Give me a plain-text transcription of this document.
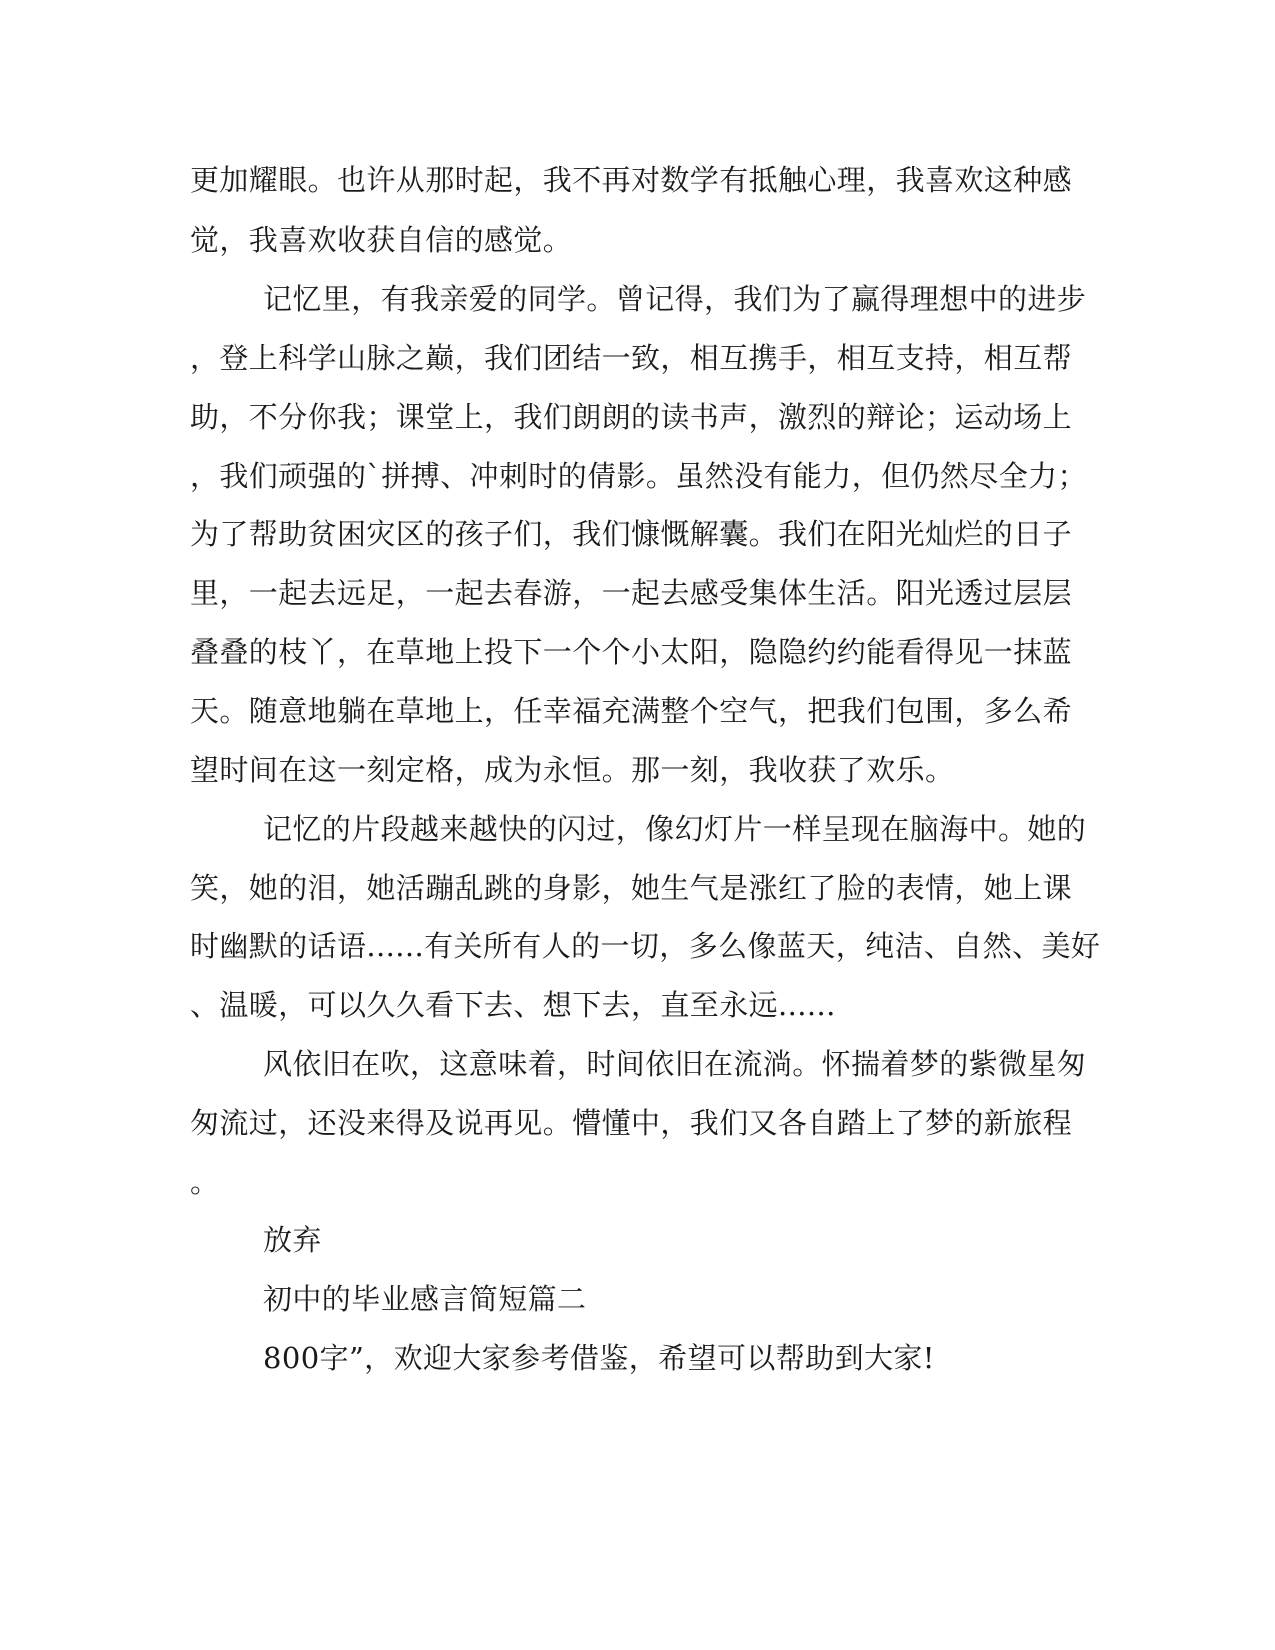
更加耀眼。也许从那时起，我不再对数学有抵触心理，我喜欢这种感
觉，我喜欢收获自信的感觉。
记忆里，有我亲爱的同学。曾记得，我们为了赢得理想中的进步
，登上科学山脉之巅，我们团结一致，相互携手，相互支持，相互帮
助，不分你我；课堂上，我们朗朗的读书声，激烈的辩论；运动场上
，我们顽强的`拼搏、冲刺时的倩影。虽然没有能力，但仍然尽全力；
为了帮助贫困灾区的孩子们，我们慷慨解囊。我们在阳光灿烂的日子
里，一起去远足，一起去春游，一起去感受集体生活。阳光透过层层
叠叠的枝丫，在草地上投下一个个小太阳，隐隐约约能看得见一抹蓝
天。随意地躺在草地上，任幸福充满整个空气，把我们包围，多么希
望时间在这一刻定格，成为永恒。那一刻，我收获了欢乐。
记忆的片段越来越快的闪过，像幻灯片一样呈现在脑海中。她的
笑，她的泪，她活蹦乱跳的身影，她生气是涨红了脸的表情，她上课
时幽默的话语......有关所有人的一切，多么像蓝天，纯洁、自然、美好
、温暖，可以久久看下去、想下去，直至永远......
风依旧在吹，这意味着，时间依旧在流淌。怀揣着梦的紫微星匆
匆流过，还没来得及说再见。懵懂中，我们又各自踏上了梦的新旅程
。
放弃
初中的毕业感言简短篇二
800字”，欢迎大家参考借鉴，希望可以帮助到大家!
